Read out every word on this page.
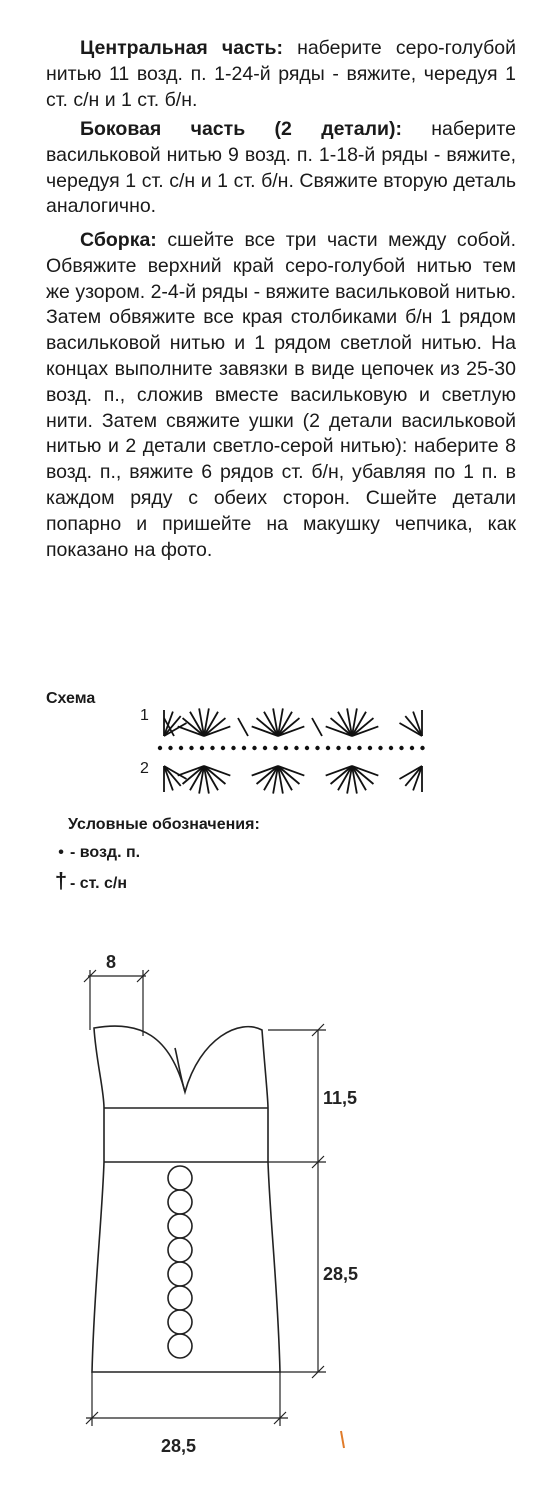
Центральная часть: наберите серо-голубой нитью 11 возд. п. 1-24-й ряды - вяжите, чередуя 1 ст. с/н и 1 ст. б/н.

Боковая часть (2 детали): наберите васильковой нитью 9 возд. п. 1-18-й ряды - вяжите, чередуя 1 ст. с/н и 1 ст. б/н. Свяжите вторую деталь аналогично.

Сборка: сшейте все три части между собой. Обвяжите верхний край серо-голубой нитью тем же узором. 2-4-й ряды - вяжите васильковой нитью. Затем обвяжите все края столбиками б/н 1 рядом васильковой нитью и 1 рядом светлой нитью. На концах выполните завязки в виде цепочек из 25-30 возд. п., сложив вместе васильковую и светлую нити. Затем свяжите ушки (2 детали васильковой нитью и 2 детали светло-серой нитью): наберите 8 возд. п., вяжите 6 рядов ст. б/н, убавляя по 1 п. в каждом ряду с обеих сторон. Сшейте детали попарно и пришейте на макушку чепчика, как показано на фото.

Схема
1
2
Условные обозначения:
• - возд. п.
† - ст. с/н
8
11,5
28,5
28,5
